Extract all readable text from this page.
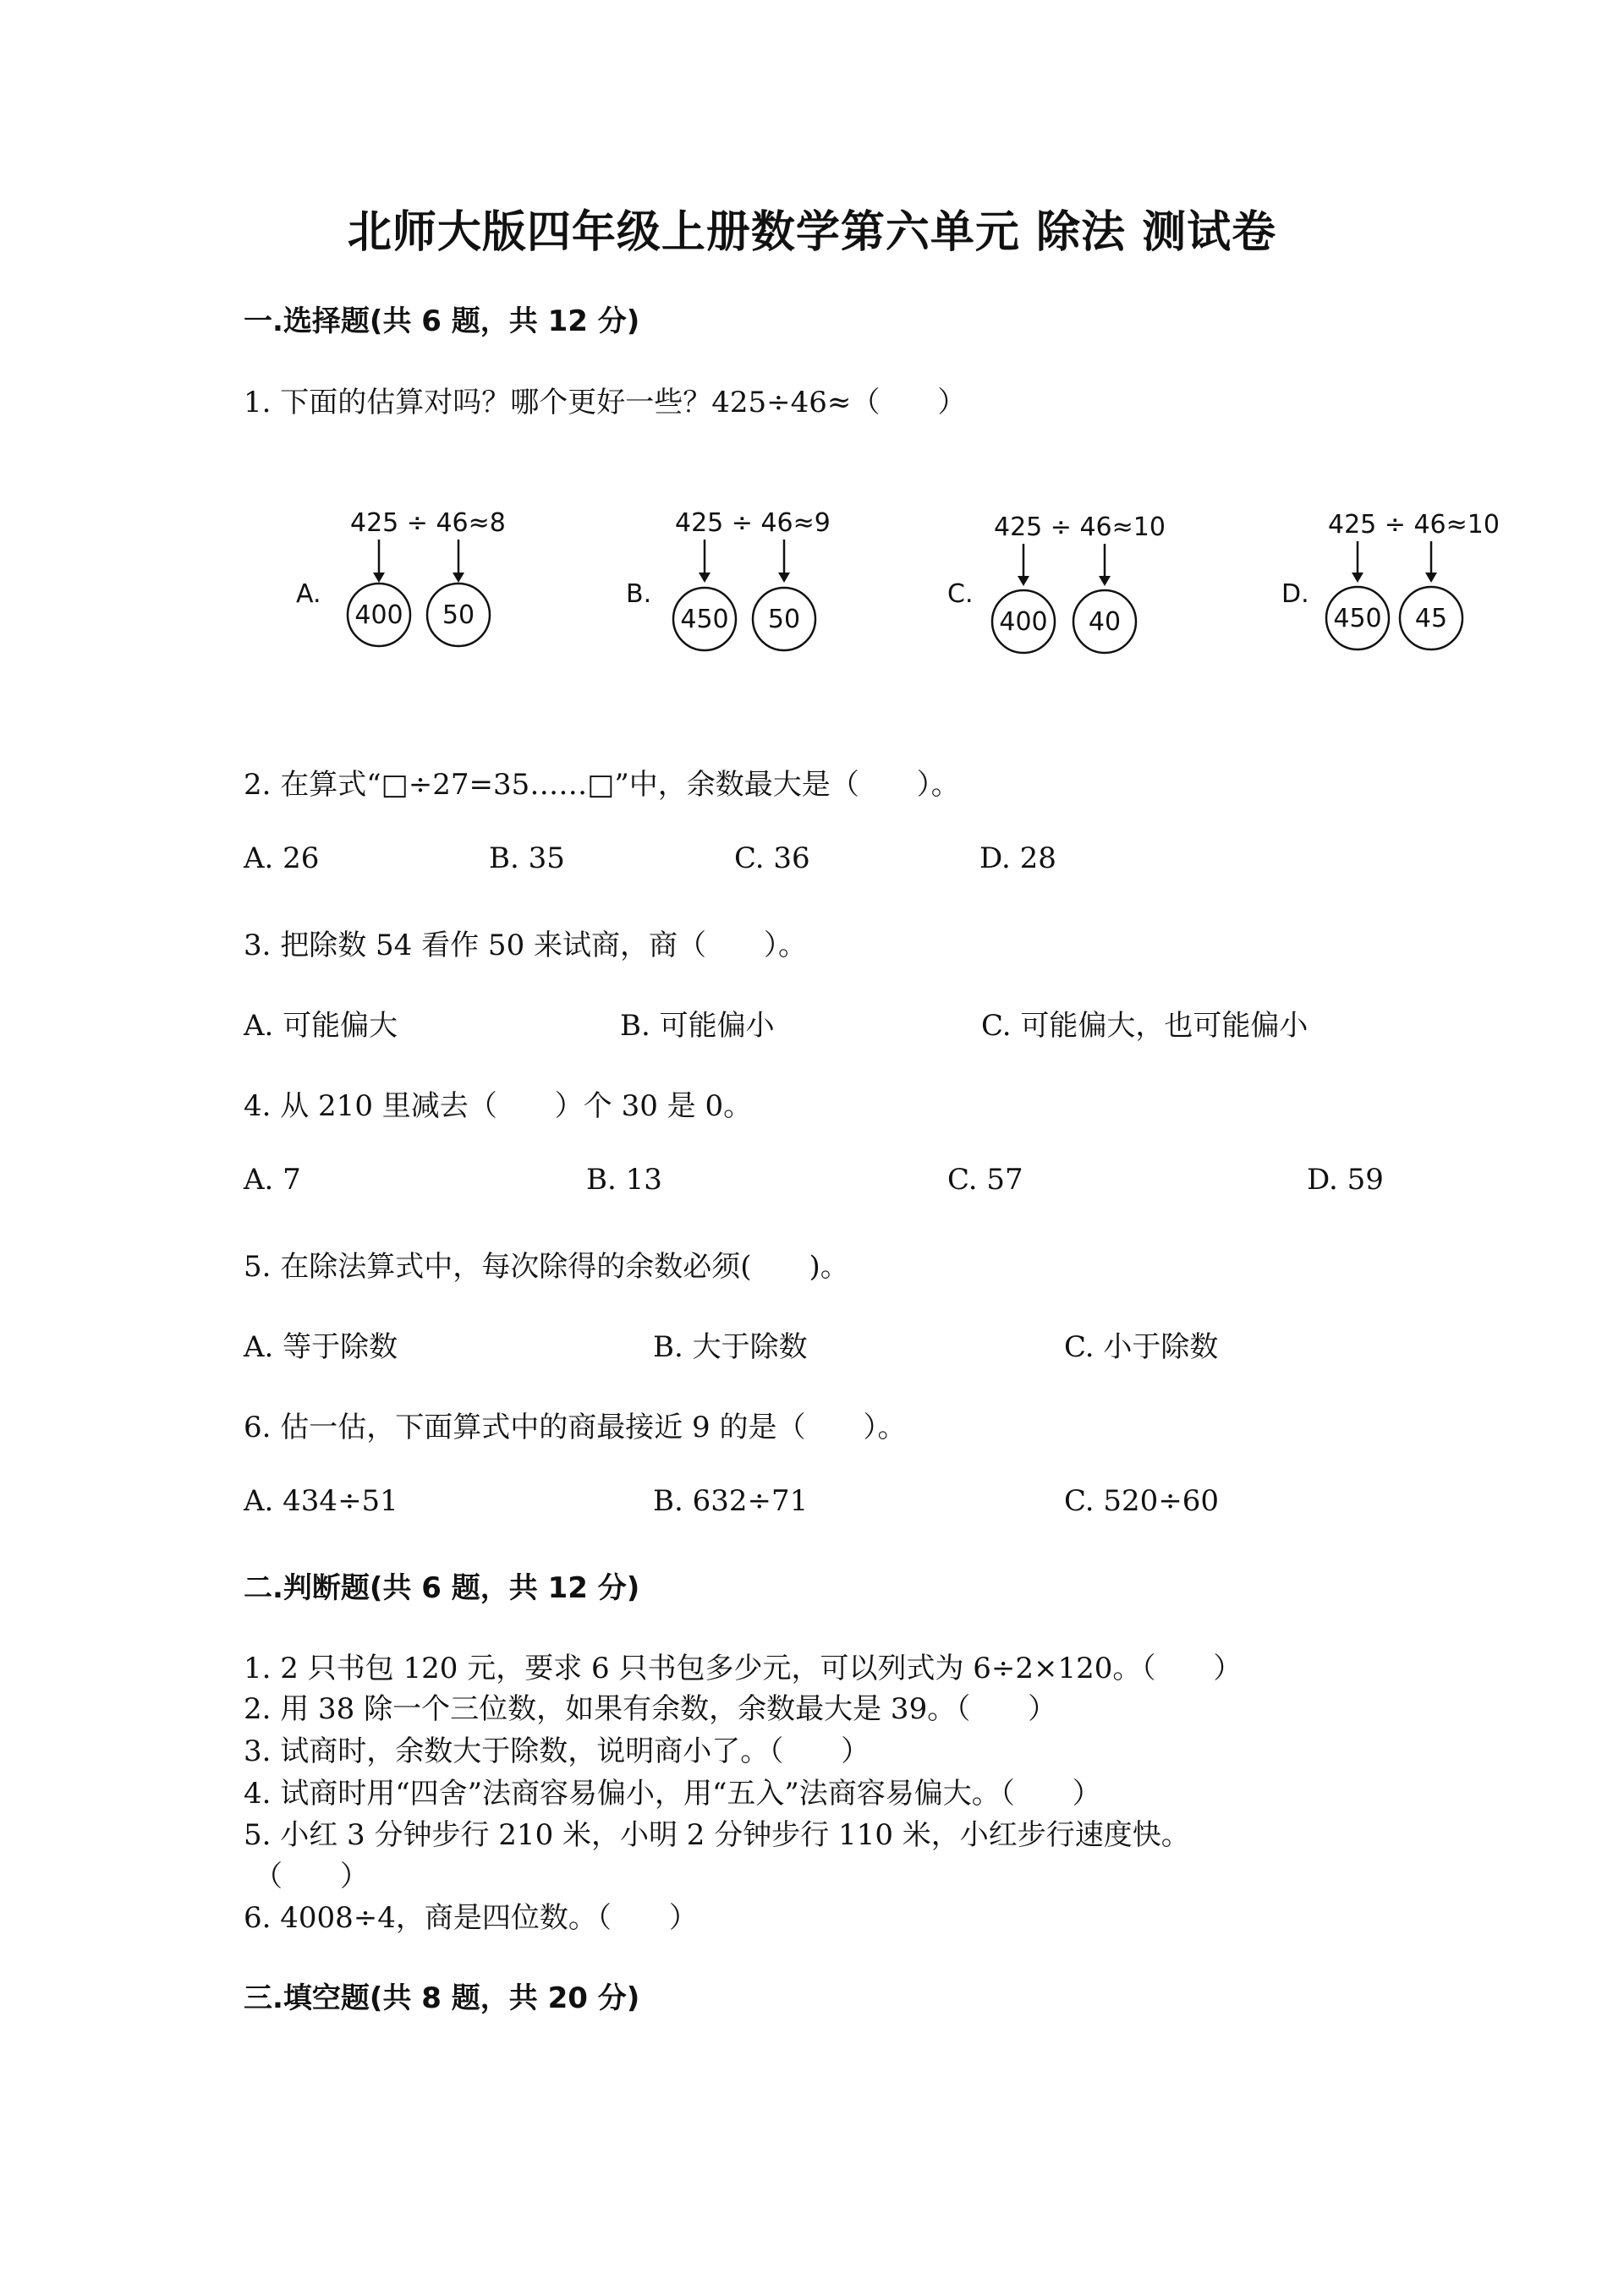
北师大版四年级上册数学第六单元 除法 测试卷
一.选择题(共 6 题，共 12 分)
1. 下面的估算对吗？哪个更好一些？425÷46≈（　　）
A.
425 ÷ 46≈8
400 50
B.
425 ÷ 46≈9
450 50
C.
425 ÷ 46≈10
400 40
D.
425 ÷ 46≈10
450 45
2. 在算式“□÷27=35……□”中，余数最大是（　　）。
A. 26	B. 35	C. 36	D. 28
3. 把除数 54 看作 50 来试商，商（　　）。
A. 可能偏大	B. 可能偏小	C. 可能偏大，也可能偏小
4. 从 210 里减去（　　）个 30 是 0。
A. 7	B. 13	C. 57	D. 59
5. 在除法算式中，每次除得的余数必须(　　)。
A. 等于除数	B. 大于除数	C. 小于除数
6. 估一估，下面算式中的商最接近 9 的是（　　）。
A. 434÷51	B. 632÷71	C. 520÷60
二.判断题(共 6 题，共 12 分)
1. 2 只书包 120 元，要求 6 只书包多少元，可以列式为 6÷2×120。（　　）
2. 用 38 除一个三位数，如果有余数，余数最大是 39。（　　）
3. 试商时，余数大于除数，说明商小了。（　　）
4. 试商时用“四舍”法商容易偏小，用“五入”法商容易偏大。（　　）
5. 小红 3 分钟步行 210 米，小明 2 分钟步行 110 米，小红步行速度快。
（　　）
6. 4008÷4，商是四位数。（　　）
三.填空题(共 8 题，共 20 分)
